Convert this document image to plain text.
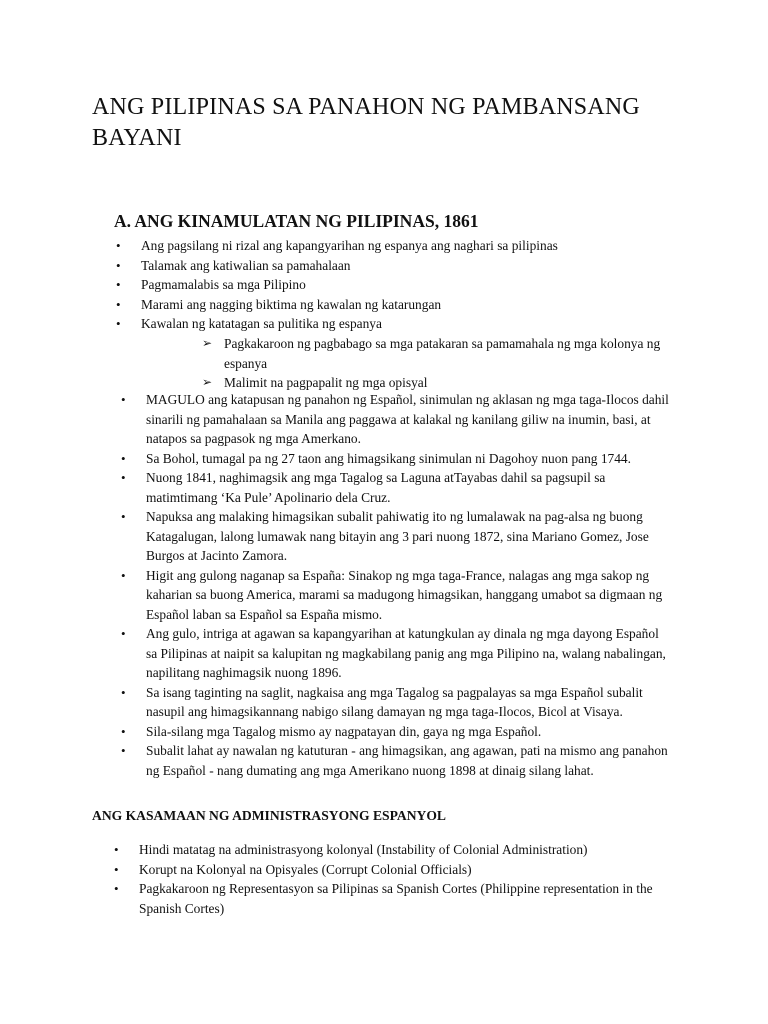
ANG PILIPINAS SA PANAHON NG PAMBANSANG BAYANI
A. ANG KINAMULATAN NG PILIPINAS, 1861
• Ang pagsilang ni rizal ang kapangyarihan ng espanya ang naghari sa pilipinas
• Talamak ang katiwalian sa pamahalaan
• Pagmamalabis sa mga Pilipino
• Marami ang nagging biktima ng kawalan ng katarungan
• Kawalan ng katatagan sa pulitika ng espanya
➢ Pagkakaroon ng pagbabago sa mga patakaran sa pamamahala ng mga kolonya ng espanya
➢ Malimit na pagpapalit ng mga opisyal
• MAGULO ang katapusan ng panahon ng Español, sinimulan ng aklasan ng mga taga-Ilocos dahil sinarili ng pamahalaan sa Manila ang paggawa at kalakal ng kanilang giliw na inumin, basi, at natapos sa pagpasok ng mga Amerkano.
• Sa Bohol, tumagal pa ng 27 taon ang himagsikang sinimulan ni Dagohoy nuon pang 1744.
• Nuong 1841, naghimagsik ang mga Tagalog sa Laguna atTayabas dahil sa pagsupil sa matimtimang ‘Ka Pule’ Apolinario dela Cruz.
• Napuksa ang malaking himagsikan subalit pahiwatig ito ng lumalawak na pag-alsa ng buong Katagalugan, lalong lumawak nang bitayin ang 3 pari nuong 1872, sina Mariano Gomez, Jose Burgos at Jacinto Zamora.
• Higit ang gulong naganap sa España: Sinakop ng mga taga-France, nalagas ang mga sakop ng kaharian sa buong America, marami sa madugong himagsikan, hanggang umabot sa digmaan ng Español laban sa Español sa España mismo.
• Ang gulo, intriga at agawan sa kapangyarihan at katungkulan ay dinala ng mga dayong Español sa Pilipinas at naipit sa kalupitan ng magkabilang panig ang mga Pilipino na, walang nabalingan, napilitang naghimagsik nuong 1896.
• Sa isang taginting na saglit, nagkaisa ang mga Tagalog sa pagpalayas sa mga Español subalit nasupil ang himagsikannang nabigo silang damayan ng mga taga-Ilocos, Bicol at Visaya.
• Sila-silang mga Tagalog mismo ay nagpatayan din, gaya ng mga Español.
• Subalit lahat ay nawalan ng katuturan - ang himagsikan, ang agawan, pati na mismo ang panahon ng Español - nang dumating ang mga Amerikano nuong 1898 at dinaig silang lahat.
ANG KASAMAAN NG ADMINISTRASYONG ESPANYOL
• Hindi matatag na administrasyong kolonyal (Instability of Colonial Administration)
• Korupt na Kolonyal na Opisyales (Corrupt Colonial Officials)
• Pagkakaroon ng Representasyon sa Pilipinas sa Spanish Cortes (Philippine representation in the Spanish Cortes)
